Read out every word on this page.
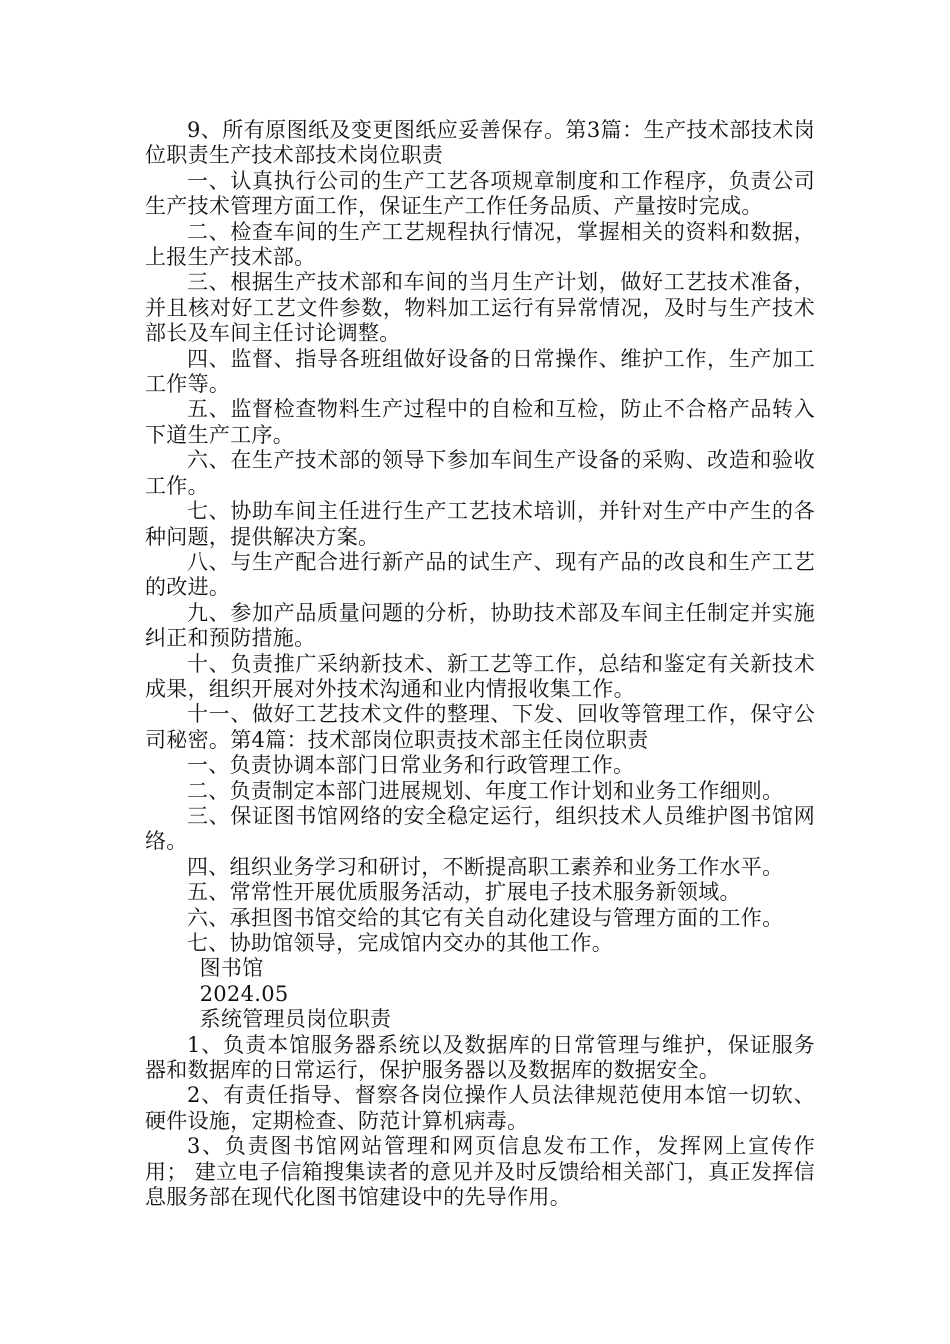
9、所有原图纸及变更图纸应妥善保存。第3篇：生产技术部技术岗位职责生产技术部技术岗位职责

一、认真执行公司的生产工艺各项规章制度和工作程序，负责公司生产技术管理方面工作，保证生产工作任务品质、产量按时完成。

二、检查车间的生产工艺规程执行情况，掌握相关的资料和数据，上报生产技术部。

三、根据生产技术部和车间的当月生产计划，做好工艺技术准备，并且核对好工艺文件参数，物料加工运行有异常情况，及时与生产技术部长及车间主任讨论调整。

四、监督、指导各班组做好设备的日常操作、维护工作，生产加工工作等。

五、监督检查物料生产过程中的自检和互检，防止不合格产品转入下道生产工序。

六、在生产技术部的领导下参加车间生产设备的采购、改造和验收工作。

七、协助车间主任进行生产工艺技术培训，并针对生产中产生的各种问题，提供解决方案。

八、与生产配合进行新产品的试生产、现有产品的改良和生产工艺的改进。

九、参加产品质量问题的分析，协助技术部及车间主任制定并实施纠正和预防措施。

十、负责推广采纳新技术、新工艺等工作，总结和鉴定有关新技术成果，组织开展对外技术沟通和业内情报收集工作。

十一、做好工艺技术文件的整理、下发、回收等管理工作，保守公司秘密。第4篇：技术部岗位职责技术部主任岗位职责

一、负责协调本部门日常业务和行政管理工作。

二、负责制定本部门进展规划、年度工作计划和业务工作细则。

三、保证图书馆网络的安全稳定运行，组织技术人员维护图书馆网络。

四、组织业务学习和研讨，不断提高职工素养和业务工作水平。

五、常常性开展优质服务活动，扩展电子技术服务新领域。

六、承担图书馆交给的其它有关自动化建设与管理方面的工作。

七、协助馆领导，完成馆内交办的其他工作。

图书馆

2024.05

系统管理员岗位职责

1、负责本馆服务器系统以及数据库的日常管理与维护，保证服务器和数据库的日常运行，保护服务器以及数据库的数据安全。

2、有责任指导、督察各岗位操作人员法律规范使用本馆一切软、硬件设施，定期检查、防范计算机病毒。

3、负责图书馆网站管理和网页信息发布工作，发挥网上宣传作用； 建立电子信箱搜集读者的意见并及时反馈给相关部门，真正发挥信息服务部在现代化图书馆建设中的先导作用。
